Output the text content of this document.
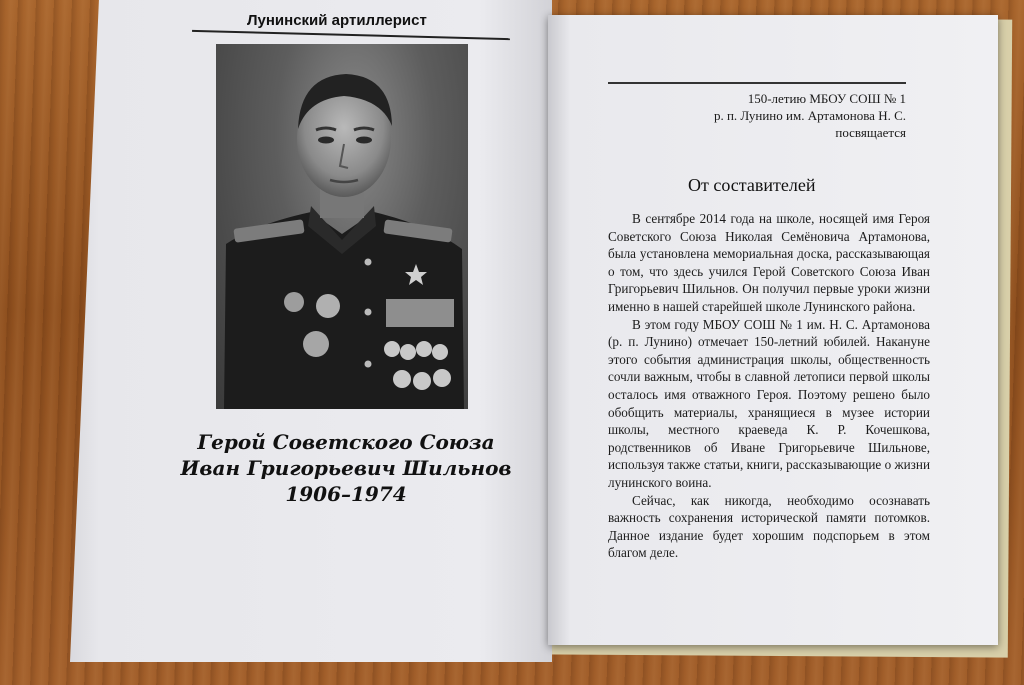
Лунинский артиллерист
Герой Советского Союза
Иван Григорьевич Шильнов
1906–1974
150-летию МБОУ СОШ № 1
р. п. Лунино им. Артамонова Н. С.
посвящается
От составителей

В сентябре 2014 года на школе, носящей имя Героя Советского Союза Николая Семёновича Артамонова, была установлена мемориальная доска, рассказывающая о том, что здесь учился Герой Советского Союза Иван Григорьевич Шильнов. Он получил первые уроки жизни именно в нашей старейшей школе Лунинского района.

В этом году МБОУ СОШ № 1 им. Н. С. Артамонова (р. п. Лунино) отмечает 150-летний юбилей. Накануне этого события администрация школы, общественность сочли важным, чтобы в славной летописи первой школы осталось имя отважного Героя. Поэтому решено было обобщить материалы, хранящиеся в музее истории школы, местного краеведа К. Р. Кочешкова, родственников об Иване Григорьевиче Шильнове, используя также статьи, книги, рассказывающие о жизни лунинского воина.

Сейчас, как никогда, необходимо осознавать важность сохранения исторической памяти потомков. Данное издание будет хорошим подспорьем в этом благом деле.
